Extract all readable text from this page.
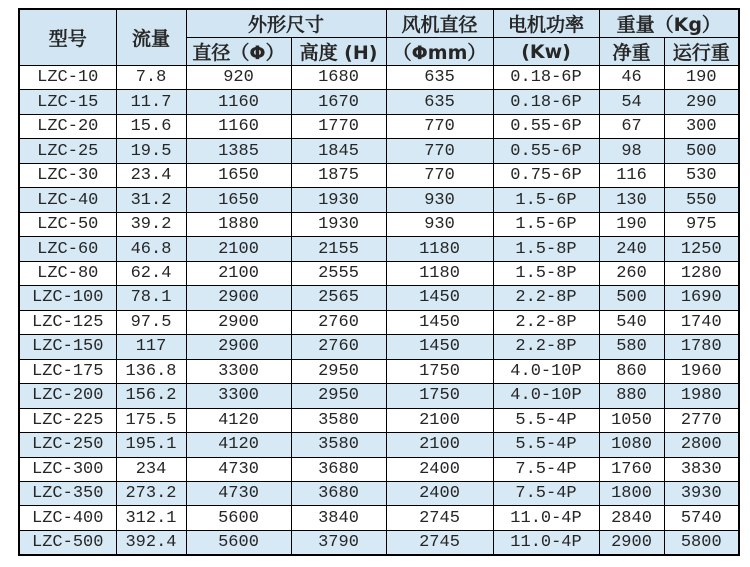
型号	流量	外形尺寸		风机直径	电机功率	重量（Kg）	
		直径（Φ）	高度 (H)	（Φmm）	(Kw)	净重	运行重
LZC-10	7.8	920	1680	635	0.18-6P	46	190
LZC-15	11.7	1160	1670	635	0.18-6P	54	290
LZC-20	15.6	1160	1770	770	0.55-6P	67	300
LZC-25	19.5	1385	1845	770	0.55-6P	98	500
LZC-30	23.4	1650	1875	770	0.75-6P	116	530
LZC-40	31.2	1650	1930	930	1.5-6P	130	550
LZC-50	39.2	1880	1930	930	1.5-6P	190	975
LZC-60	46.8	2100	2155	1180	1.5-8P	240	1250
LZC-80	62.4	2100	2555	1180	1.5-8P	260	1280
LZC-100	78.1	2900	2565	1450	2.2-8P	500	1690
LZC-125	97.5	2900	2760	1450	2.2-8P	540	1740
LZC-150	117	2900	2760	1450	2.2-8P	580	1780
LZC-175	136.8	3300	2950	1750	4.0-10P	860	1960
LZC-200	156.2	3300	2950	1750	4.0-10P	880	1980
LZC-225	175.5	4120	3580	2100	5.5-4P	1050	2770
LZC-250	195.1	4120	3580	2100	5.5-4P	1080	2800
LZC-300	234	4730	3680	2400	7.5-4P	1760	3830
LZC-350	273.2	4730	3680	2400	7.5-4P	1800	3930
LZC-400	312.1	5600	3840	2745	11.0-4P	2840	5740
LZC-500	392.4	5600	3790	2745	11.0-4P	2900	5800
